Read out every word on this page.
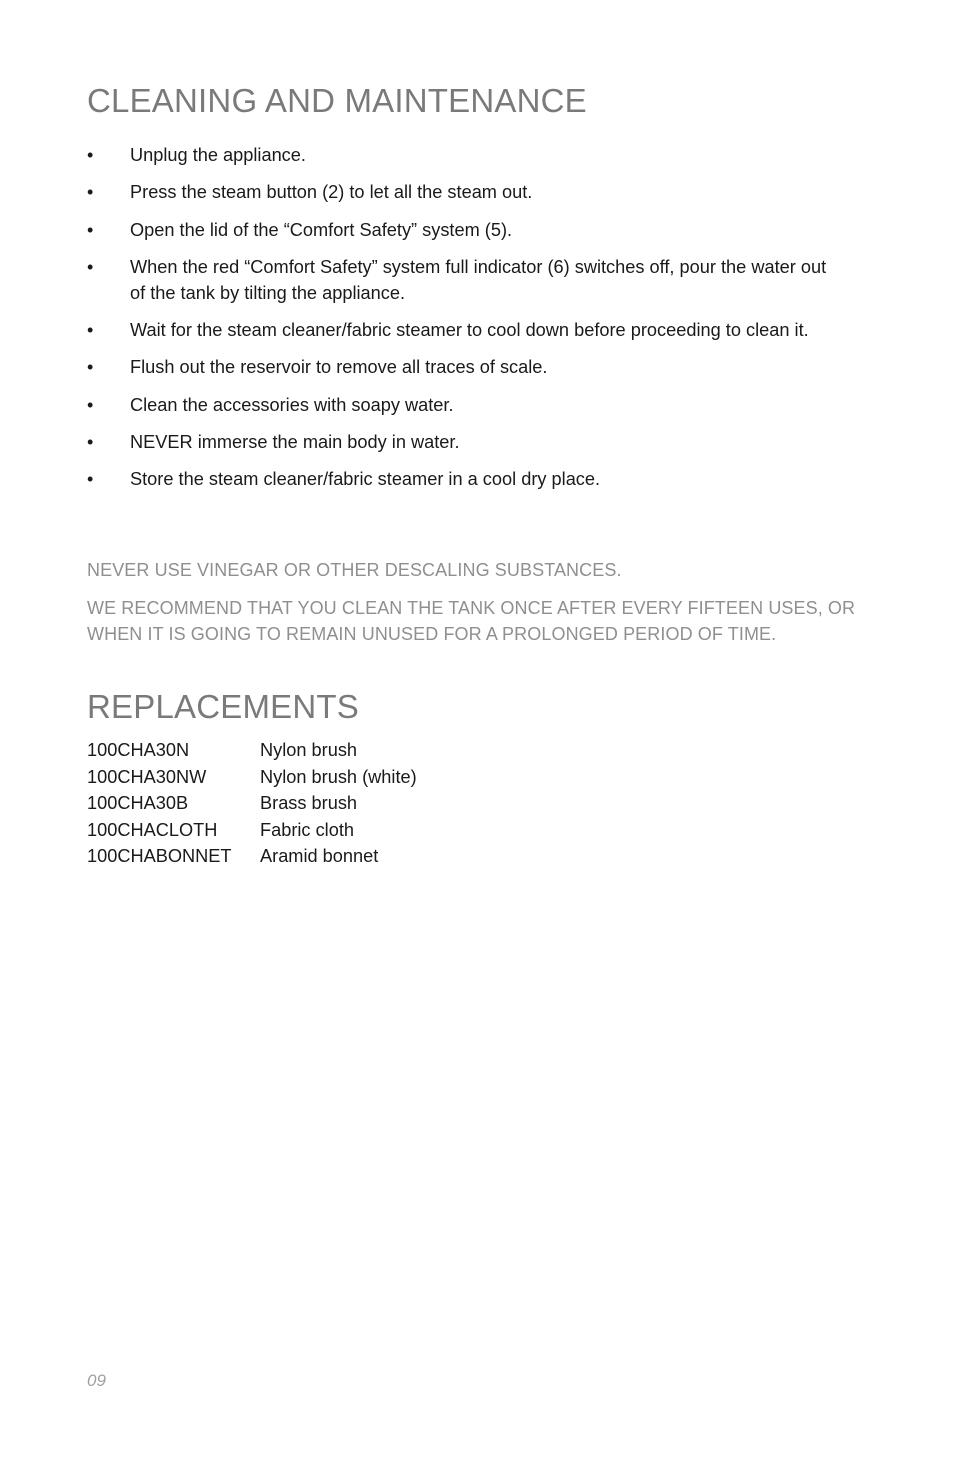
CLEANING AND MAINTENANCE
• Unplug the appliance.
• Press the steam button (2) to let all the steam out.
• Open the lid of the “Comfort Safety” system (5).
• When the red “Comfort Safety” system full indicator (6) switches off, pour the water out of the tank by tilting the appliance.
• Wait for the steam cleaner/fabric steamer to cool down before proceeding to clean it.
• Flush out the reservoir to remove all traces of scale.
• Clean the accessories with soapy water.
• NEVER immerse the main body in water.
• Store the steam cleaner/fabric steamer in a cool dry place.

NEVER USE VINEGAR OR OTHER DESCALING SUBSTANCES.

WE RECOMMEND THAT YOU CLEAN THE TANK ONCE AFTER EVERY FIFTEEN USES, OR WHEN IT IS GOING TO REMAIN UNUSED FOR A PROLONGED PERIOD OF TIME.

REPLACEMENTS
100CHA30N	Nylon brush
100CHA30NW	Nylon brush (white)
100CHA30B	Brass brush
100CHACLOTH	Fabric cloth
100CHABONNET	Aramid bonnet
09
